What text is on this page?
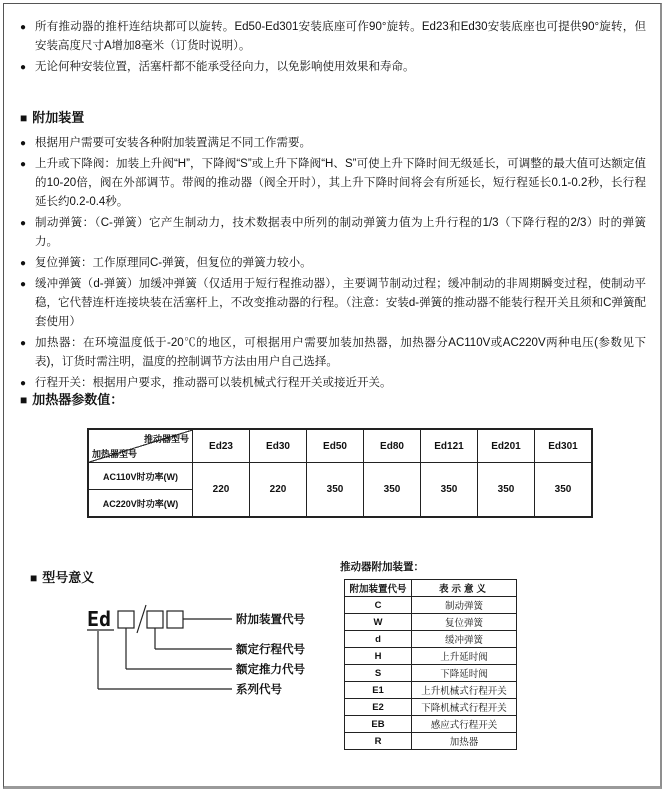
● 所有推动器的推杆连结块都可以旋转。Ed50-Ed301安装底座可作90°旋转。Ed23和Ed30安装底座也可提供90°旋转，但安装高度尺寸A增加8毫米（订货时说明）。
● 无论何种安装位置，活塞杆都不能承受径向力，以免影响使用效果和寿命。
■ 附加装置
● 根据用户需要可安装各种附加装置满足不同工作需要。
● 上升或下降阀：加装上升阀“H”，下降阀“S”或上升下降阀“H、S”可使上升下降时间无级延长，可调整的最大值可达额定值的10-20倍，阀在外部调节。带阀的推动器（阀全开时），其上升下降时间将会有所延长，短行程延长0.1-0.2秒，长行程延长约0.2-0.4秒。
● 制动弹簧：（C-弹簧）它产生制动力，技术数据表中所列的制动弹簧力值为上升行程的1/3（下降行程的2/3）时的弹簧力。
● 复位弹簧：工作原理同C-弹簧，但复位的弹簧力较小。
● 缓冲弹簧（d-弹簧）加缓冲弹簧（仅适用于短行程推动器），主要调节制动过程；缓冲制动的非周期瞬变过程，使制动平稳，它代替连杆连接块装在活塞杆上，不改变推动器的行程。（注意：安装d-弹簧的推动器不能装行程开关且须和C弹簧配套使用）
● 加热器：在环境温度低于-20℃的地区，可根据用户需要加装加热器，加热器分AC110V或AC220V两种电压(参数见下表)，订货时需注明，温度的控制调节方法由用户自己选择。
● 行程开关：根据用户要求，推动器可以装机械式行程开关或接近开关。
■ 加热器参数值：
推动器型号
加热器型号	Ed23	Ed30	Ed50	Ed80	Ed121	Ed201	Ed301
AC110V时功率(W)	220	220	350	350	350	350	350
AC220V时功率(W)							
■ 型号意义
Ed	附加装置代号
额定行程代号
额定推力代号
系列代号
推动器附加装置：
附加装置代号	表示意义
C	制动弹簧
W	复位弹簧
d	缓冲弹簧
H	上升延时阀
S	下降延时阀
E1	上升机械式行程开关
E2	下降机械式行程开关
EB	感应式行程开关
R	加热器
